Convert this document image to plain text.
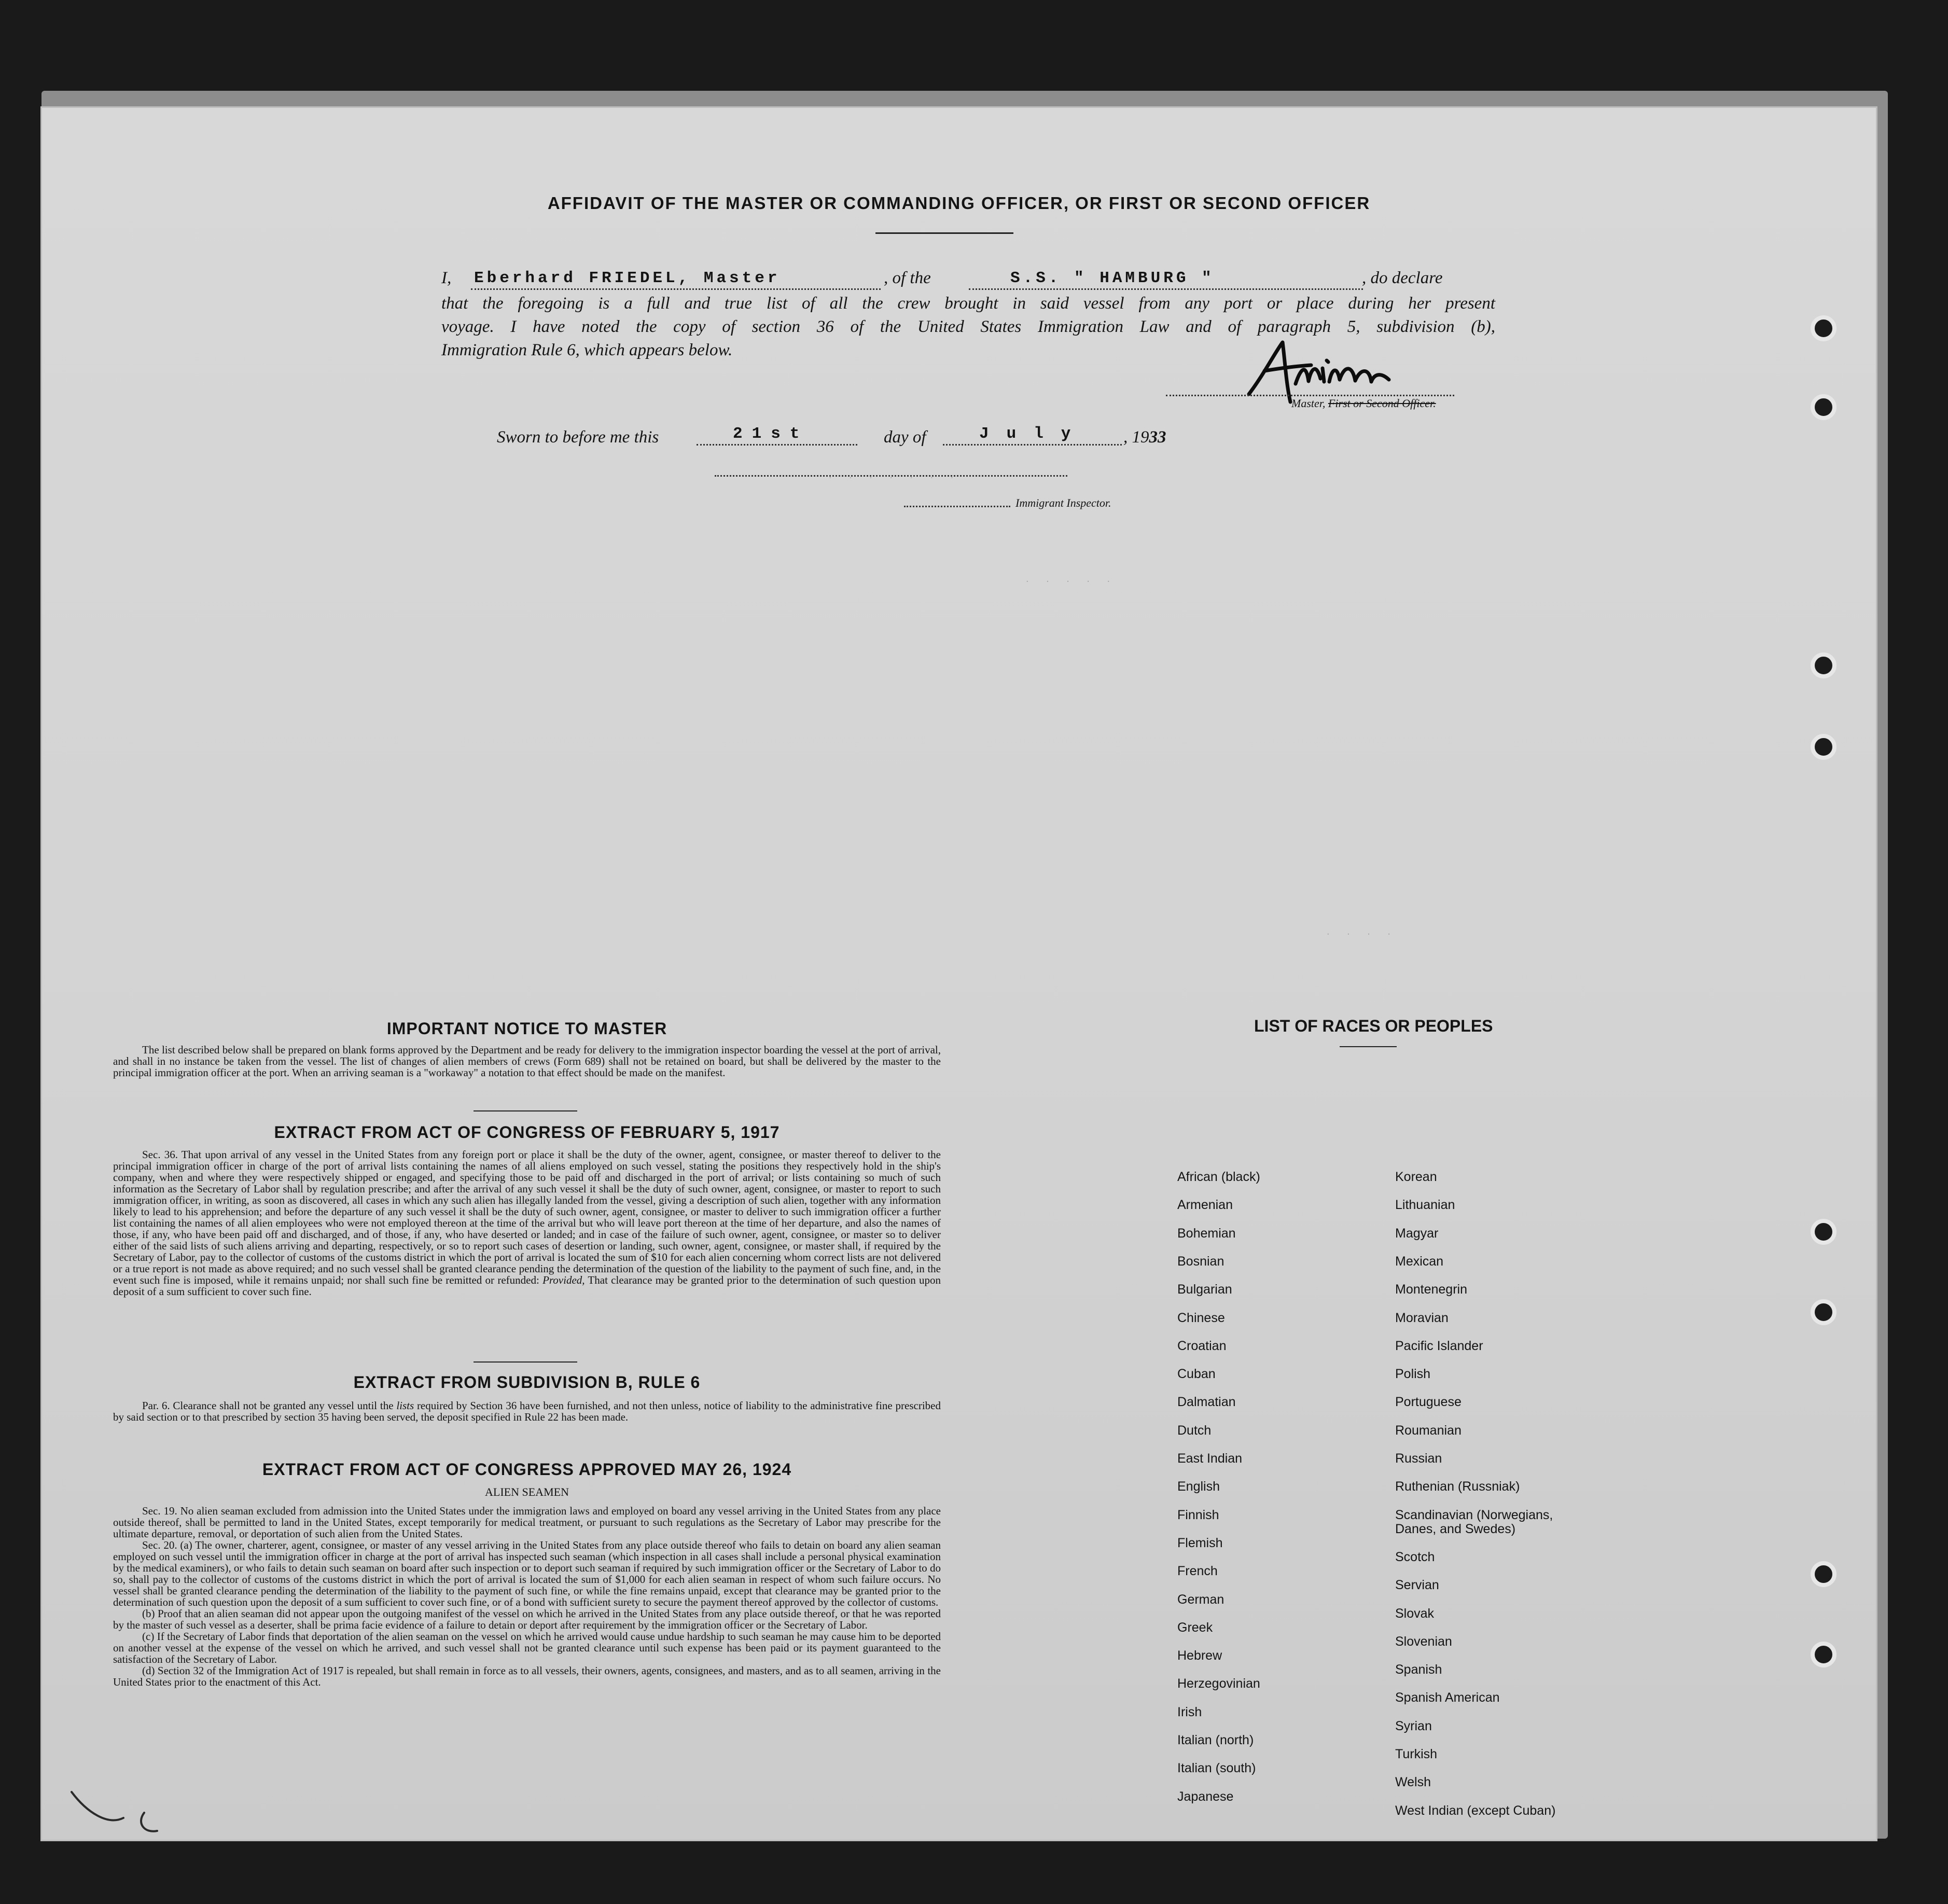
. . . . . . .
. . . . .
. . . .
AFFIDAVIT OF THE MASTER OR COMMANDING OFFICER, OR FIRST OR SECOND OFFICER
I, Eberhard FRIEDEL, Master	, of the	S.S. " HAMBURG "	, do declare
that the foregoing is a full and true list of all the crew brought in said vessel from any port or place during her present
voyage. I have noted the copy of section 36 of the United States Immigration Law and of paragraph 5, subdivision (b),
Immigration Rule 6, which appears below.
Master, First or Second Officer.
Sworn to before me this	21st	day of	July , 1933
Immigrant Inspector.
IMPORTANT NOTICE TO MASTER

The list described below shall be prepared on blank forms approved by the Department and be ready for delivery to the immigration inspector boarding the vessel at the port of arrival, and shall in no instance be taken from the vessel. The list of changes of alien members of crews (Form 689) shall not be retained on board, but shall be delivered by the master to the principal immigration officer at the port. When an arriving seaman is a "workaway" a notation to that effect should be made on the manifest.

EXTRACT FROM ACT OF CONGRESS OF FEBRUARY 5, 1917

Sec. 36. That upon arrival of any vessel in the United States from any foreign port or place it shall be the duty of the owner, agent, consignee, or master thereof to deliver to the principal immigration officer in charge of the port of arrival lists containing the names of all aliens employed on such vessel, stating the positions they respectively hold in the ship's company, when and where they were respectively shipped or engaged, and specifying those to be paid off and discharged in the port of arrival; or lists containing so much of such information as the Secretary of Labor shall by regulation prescribe; and after the arrival of any such vessel it shall be the duty of such owner, agent, consignee, or master to report to such immigration officer, in writing, as soon as discovered, all cases in which any such alien has illegally landed from the vessel, giving a description of such alien, together with any information likely to lead to his apprehension; and before the departure of any such vessel it shall be the duty of such owner, agent, consignee, or master to deliver to such immigration officer a further list containing the names of all alien employees who were not employed thereon at the time of the arrival but who will leave port thereon at the time of her departure, and also the names of those, if any, who have been paid off and discharged, and of those, if any, who have deserted or landed; and in case of the failure of such owner, agent, consignee, or master so to deliver either of the said lists of such aliens arriving and departing, respectively, or so to report such cases of desertion or landing, such owner, agent, consignee, or master shall, if required by the Secretary of Labor, pay to the collector of customs of the customs district in which the port of arrival is located the sum of $10 for each alien concerning whom correct lists are not delivered or a true report is not made as above required; and no such vessel shall be granted clearance pending the determination of the question of the liability to the payment of such fine, and, in the event such fine is imposed, while it remains unpaid; nor shall such fine be remitted or refunded: Provided, That clearance may be granted prior to the determination of such question upon deposit of a sum sufficient to cover such fine.

EXTRACT FROM SUBDIVISION B, RULE 6

Par. 6. Clearance shall not be granted any vessel until the lists required by Section 36 have been furnished, and not then unless, notice of liability to the administrative fine prescribed by said section or to that prescribed by section 35 having been served, the deposit specified in Rule 22 has been made.

EXTRACT FROM ACT OF CONGRESS APPROVED MAY 26, 1924
ALIEN SEAMEN

Sec. 19. No alien seaman excluded from admission into the United States under the immigration laws and employed on board any vessel arriving in the United States from any place outside thereof, shall be permitted to land in the United States, except temporarily for medical treatment, or pursuant to such regulations as the Secretary of Labor may prescribe for the ultimate departure, removal, or deportation of such alien from the United States.

Sec. 20. (a) The owner, charterer, agent, consignee, or master of any vessel arriving in the United States from any place outside thereof who fails to detain on board any alien seaman employed on such vessel until the immigration officer in charge at the port of arrival has inspected such seaman (which inspection in all cases shall include a personal physical examination by the medical examiners), or who fails to detain such seaman on board after such inspection or to deport such seaman if required by such immigration officer or the Secretary of Labor to do so, shall pay to the collector of customs of the customs district in which the port of arrival is located the sum of $1,000 for each alien seaman in respect of whom such failure occurs. No vessel shall be granted clearance pending the determination of the liability to the payment of such fine, or while the fine remains unpaid, except that clearance may be granted prior to the determination of such question upon the deposit of a sum sufficient to cover such fine, or of a bond with sufficient surety to secure the payment thereof approved by the collector of customs.

(b) Proof that an alien seaman did not appear upon the outgoing manifest of the vessel on which he arrived in the United States from any place outside thereof, or that he was reported by the master of such vessel as a deserter, shall be prima facie evidence of a failure to detain or deport after requirement by the immigration officer or the Secretary of Labor.

(c) If the Secretary of Labor finds that deportation of the alien seaman on the vessel on which he arrived would cause undue hardship to such seaman he may cause him to be deported on another vessel at the expense of the vessel on which he arrived, and such vessel shall not be granted clearance until such expense has been paid or its payment guaranteed to the satisfaction of the Secretary of Labor.

(d) Section 32 of the Immigration Act of 1917 is repealed, but shall remain in force as to all vessels, their owners, agents, consignees, and masters, and as to all seamen, arriving in the United States prior to the enactment of this Act.

LIST OF RACES OR PEOPLES
African (black)
Armenian
Bohemian
Bosnian
Bulgarian
Chinese
Croatian
Cuban
Dalmatian
Dutch
East Indian
English
Finnish
Flemish
French
German
Greek
Hebrew
Herzegovinian
Irish
Italian (north)
Italian (south)
Japanese
Korean
Lithuanian
Magyar
Mexican
Montenegrin
Moravian
Pacific Islander
Polish
Portuguese
Roumanian
Russian
Ruthenian (Russniak)
Scandinavian (Norwegians,
Danes, and Swedes)
Scotch
Servian
Slovak
Slovenian
Spanish
Spanish American
Syrian
Turkish
Welsh
West Indian (except Cuban)
